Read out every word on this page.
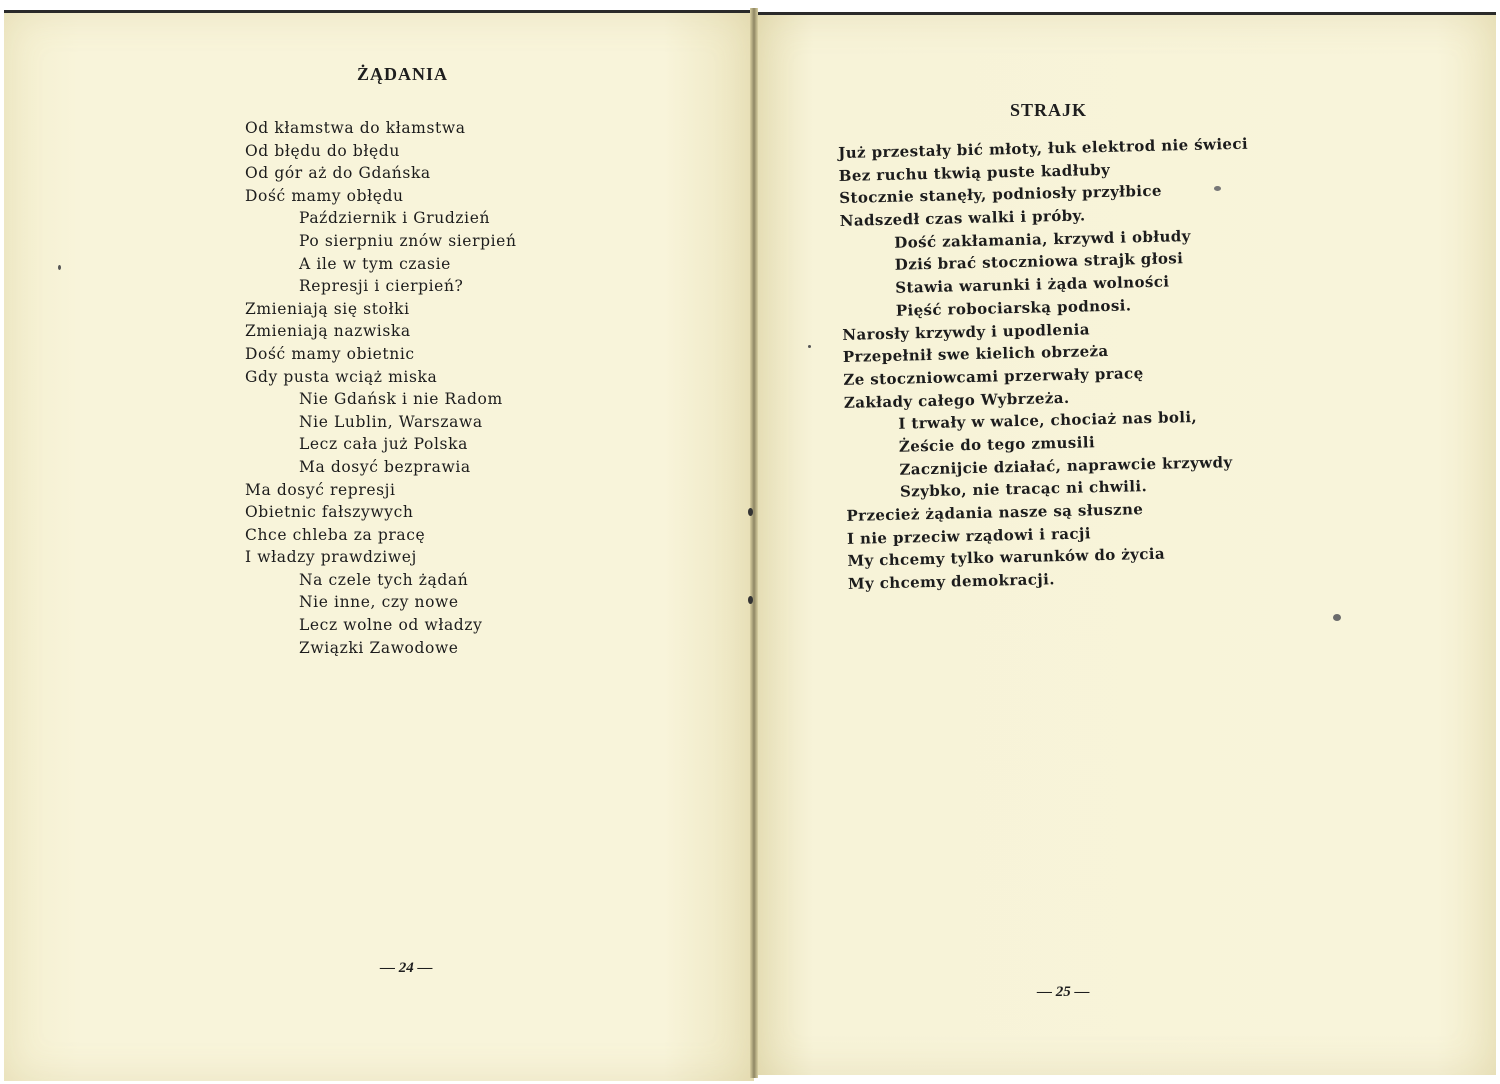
ŻĄDANIA
Od kłamstwa do kłamstwa
Od błędu do błędu
Od gór aż do Gdańska
Dość mamy obłędu
Październik i Grudzień
Po sierpniu znów sierpień
A ile w tym czasie
Represji i cierpień?
Zmieniają się stołki
Zmieniają nazwiska
Dość mamy obietnic
Gdy pusta wciąż miska
Nie Gdańsk i nie Radom
Nie Lublin, Warszawa
Lecz cała już Polska
Ma dosyć bezprawia
Ma dosyć represji
Obietnic fałszywych
Chce chleba za pracę
I władzy prawdziwej
Na czele tych żądań
Nie inne, czy nowe
Lecz wolne od władzy
Związki Zawodowe
— 24 —
STRAJK
Już przestały bić młoty, łuk elektrod nie świeci
Bez ruchu tkwią puste kadłuby
Stocznie stanęły, podniosły przyłbice
Nadszedł czas walki i próby.
Dość zakłamania, krzywd i obłudy
Dziś brać stoczniowa strajk głosi
Stawia warunki i żąda wolności
Pięść robociarską podnosi.
Narosły krzywdy i upodlenia
Przepełnił swe kielich obrzeża
Ze stoczniowcami przerwały pracę
Zakłady całego Wybrzeża.
I trwały w walce, chociaż nas boli,
Żeście do tego zmusili
Zacznijcie działać, naprawcie krzywdy
Szybko, nie tracąc ni chwili.
Przecież żądania nasze są słuszne
I nie przeciw rządowi i racji
My chcemy tylko warunków do życia
My chcemy demokracji.
— 25 —
